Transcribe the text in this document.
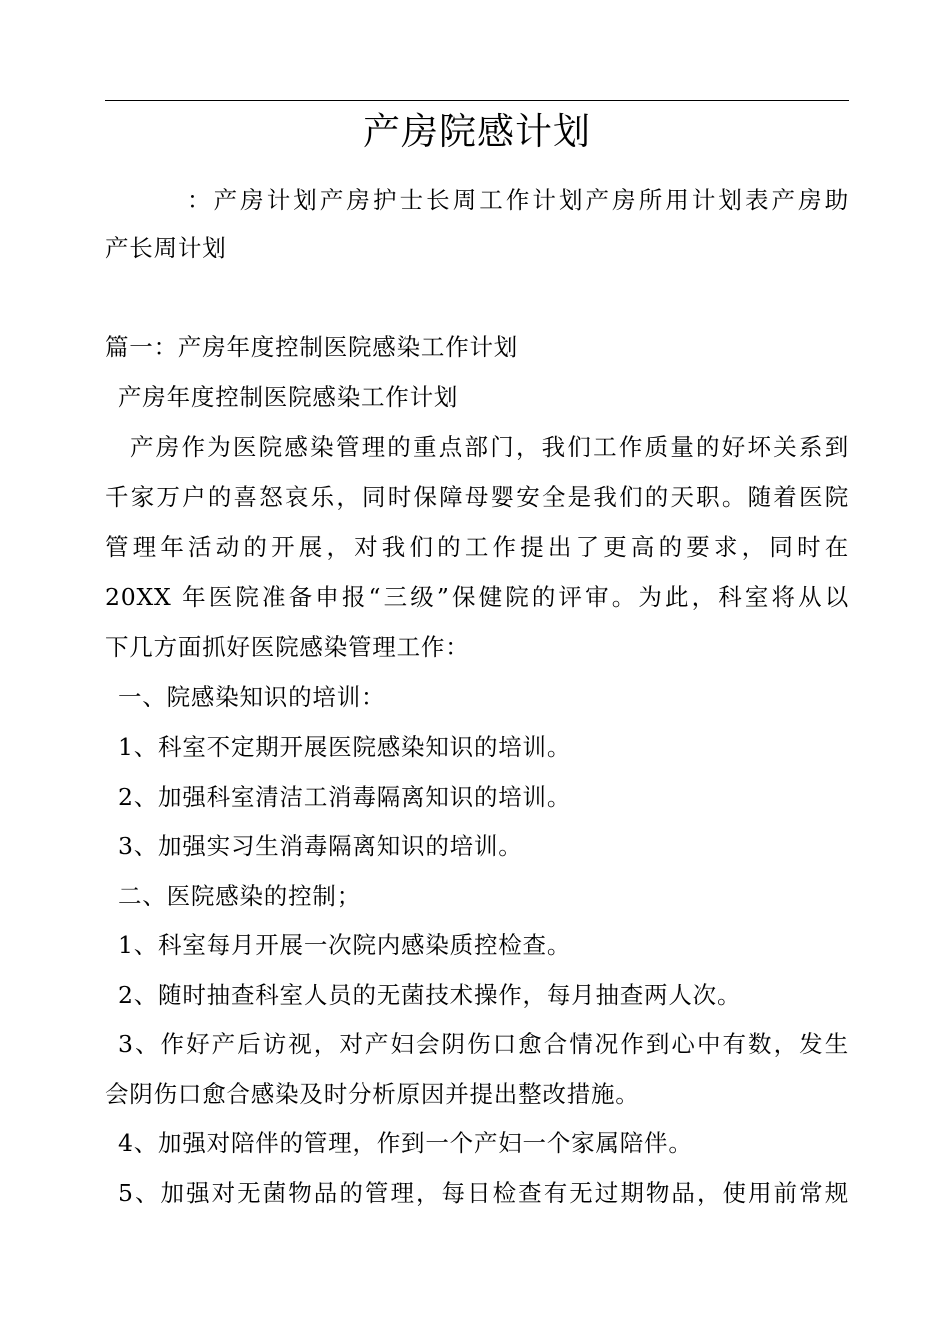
产房院感计划
：产房计划产房护士长周工作计划产房所用计划表产房助
产长周计划
篇一：产房年度控制医院感染工作计划
产房年度控制医院感染工作计划
产房作为医院感染管理的重点部门，我们工作质量的好坏关系到
千家万户的喜怒哀乐，同时保障母婴安全是我们的天职。随着医院
管理年活动的开展，对我们的工作提出了更高的要求，同时在
20XX 年医院准备申报“三级”保健院的评审。为此，科室将从以
下几方面抓好医院感染管理工作：
一、院感染知识的培训：
1、科室不定期开展医院感染知识的培训。
2、加强科室清洁工消毒隔离知识的培训。
3、加强实习生消毒隔离知识的培训。
二、医院感染的控制；
1、科室每月开展一次院内感染质控检查。
2、随时抽查科室人员的无菌技术操作，每月抽查两人次。
3、作好产后访视，对产妇会阴伤口愈合情况作到心中有数，发生
会阴伤口愈合感染及时分析原因并提出整改措施。
4、加强对陪伴的管理，作到一个产妇一个家属陪伴。
5、加强对无菌物品的管理，每日检查有无过期物品，使用前常规
